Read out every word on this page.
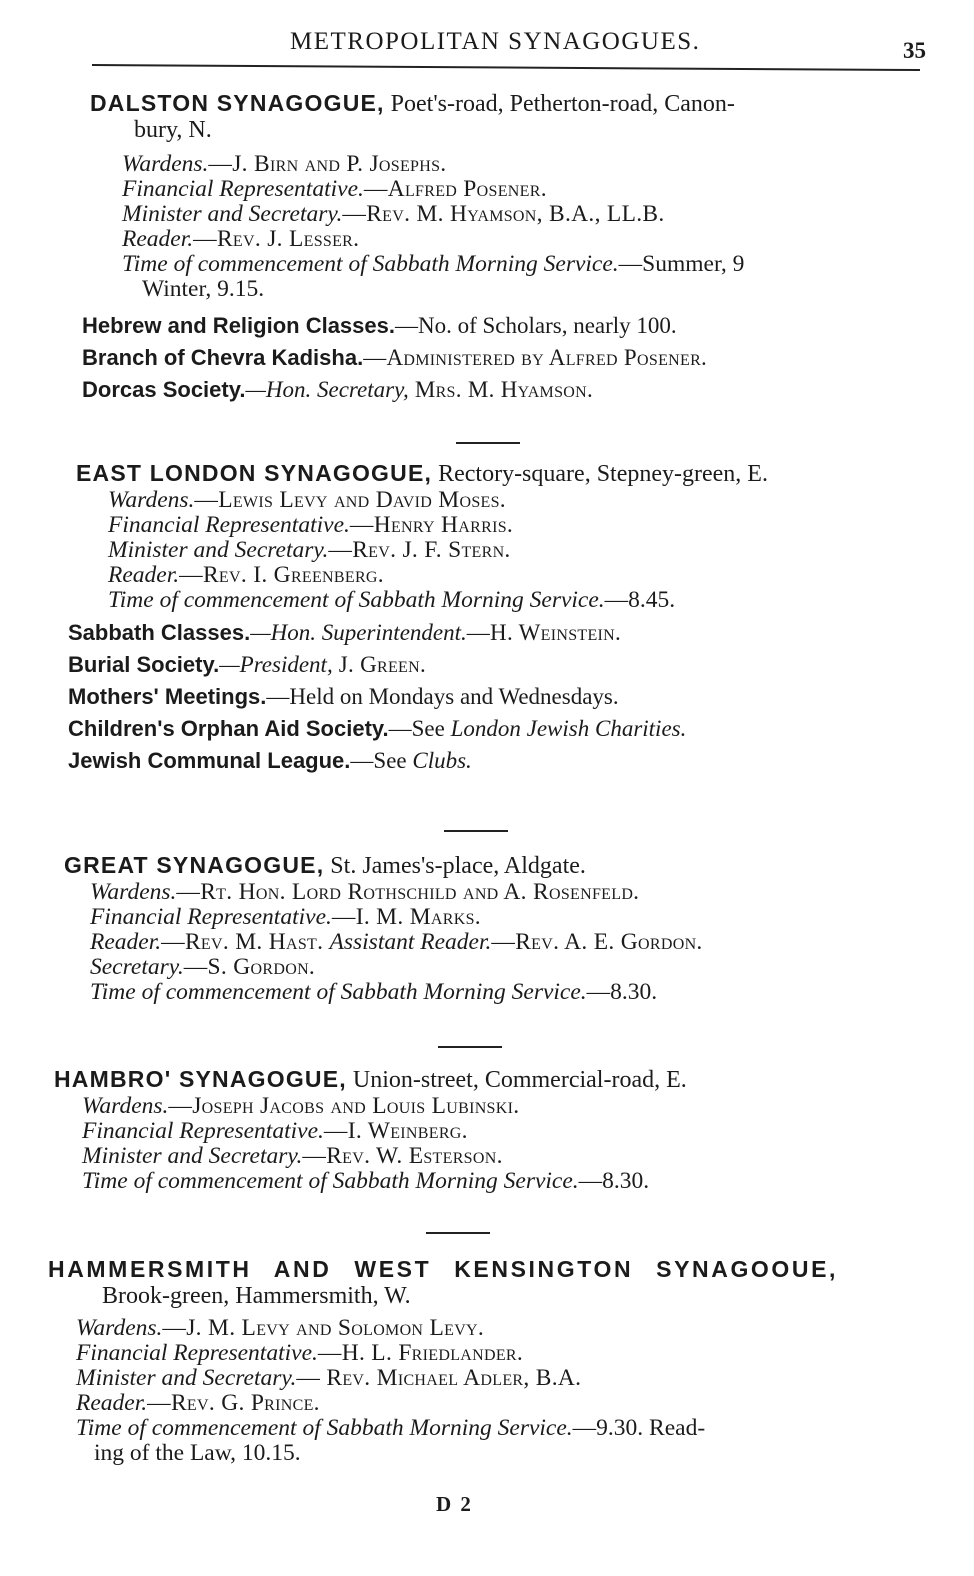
METROPOLITAN SYNAGOGUES.	35
DALSTON SYNAGOGUE, Poet's-road, Petherton-road, Canon-
bury, N.
Wardens.—J. Birn and P. Josephs.
Financial Representative.—Alfred Posener.
Minister and Secretary.—Rev. M. Hyamson, B.A., LL.B.
Reader.—Rev. J. Lesser.
Time of commencement of Sabbath Morning Service.—Summer, 9
Winter, 9.15.
Hebrew and Religion Classes.—No. of Scholars, nearly 100.
Branch of Chevra Kadisha.—Administered by Alfred Posener.
Dorcas Society.—Hon. Secretary, Mrs. M. Hyamson.
EAST LONDON SYNAGOGUE, Rectory-square, Stepney-green, E.
Wardens.—Lewis Levy and David Moses.
Financial Representative.—Henry Harris.
Minister and Secretary.—Rev. J. F. Stern.
Reader.—Rev. I. Greenberg.
Time of commencement of Sabbath Morning Service.—8.45.
Sabbath Classes.—Hon. Superintendent.—H. Weinstein.
Burial Society.—President, J. Green.
Mothers' Meetings.—Held on Mondays and Wednesdays.
Children's Orphan Aid Society.—See London Jewish Charities.
Jewish Communal League.—See Clubs.
GREAT SYNAGOGUE, St. James's-place, Aldgate.
Wardens.—Rt. Hon. Lord Rothschild and A. Rosenfeld.
Financial Representative.—I. M. Marks.
Reader.—Rev. M. Hast. Assistant Reader.—Rev. A. E. Gordon.
Secretary.—S. Gordon.
Time of commencement of Sabbath Morning Service.—8.30.
HAMBRO' SYNAGOGUE, Union-street, Commercial-road, E.
Wardens.—Joseph Jacobs and Louis Lubinski.
Financial Representative.—I. Weinberg.
Minister and Secretary.—Rev. W. Esterson.
Time of commencement of Sabbath Morning Service.—8.30.
HAMMERSMITH AND WEST KENSINGTON SYNAGOOUE,
Brook-green, Hammersmith, W.
Wardens.—J. M. Levy and Solomon Levy.
Financial Representative.—H. L. Friedlander.
Minister and Secretary.— Rev. Michael Adler, B.A.
Reader.—Rev. G. Prince.
Time of commencement of Sabbath Morning Service.—9.30. Read-
ing of the Law, 10.15.
D 2
